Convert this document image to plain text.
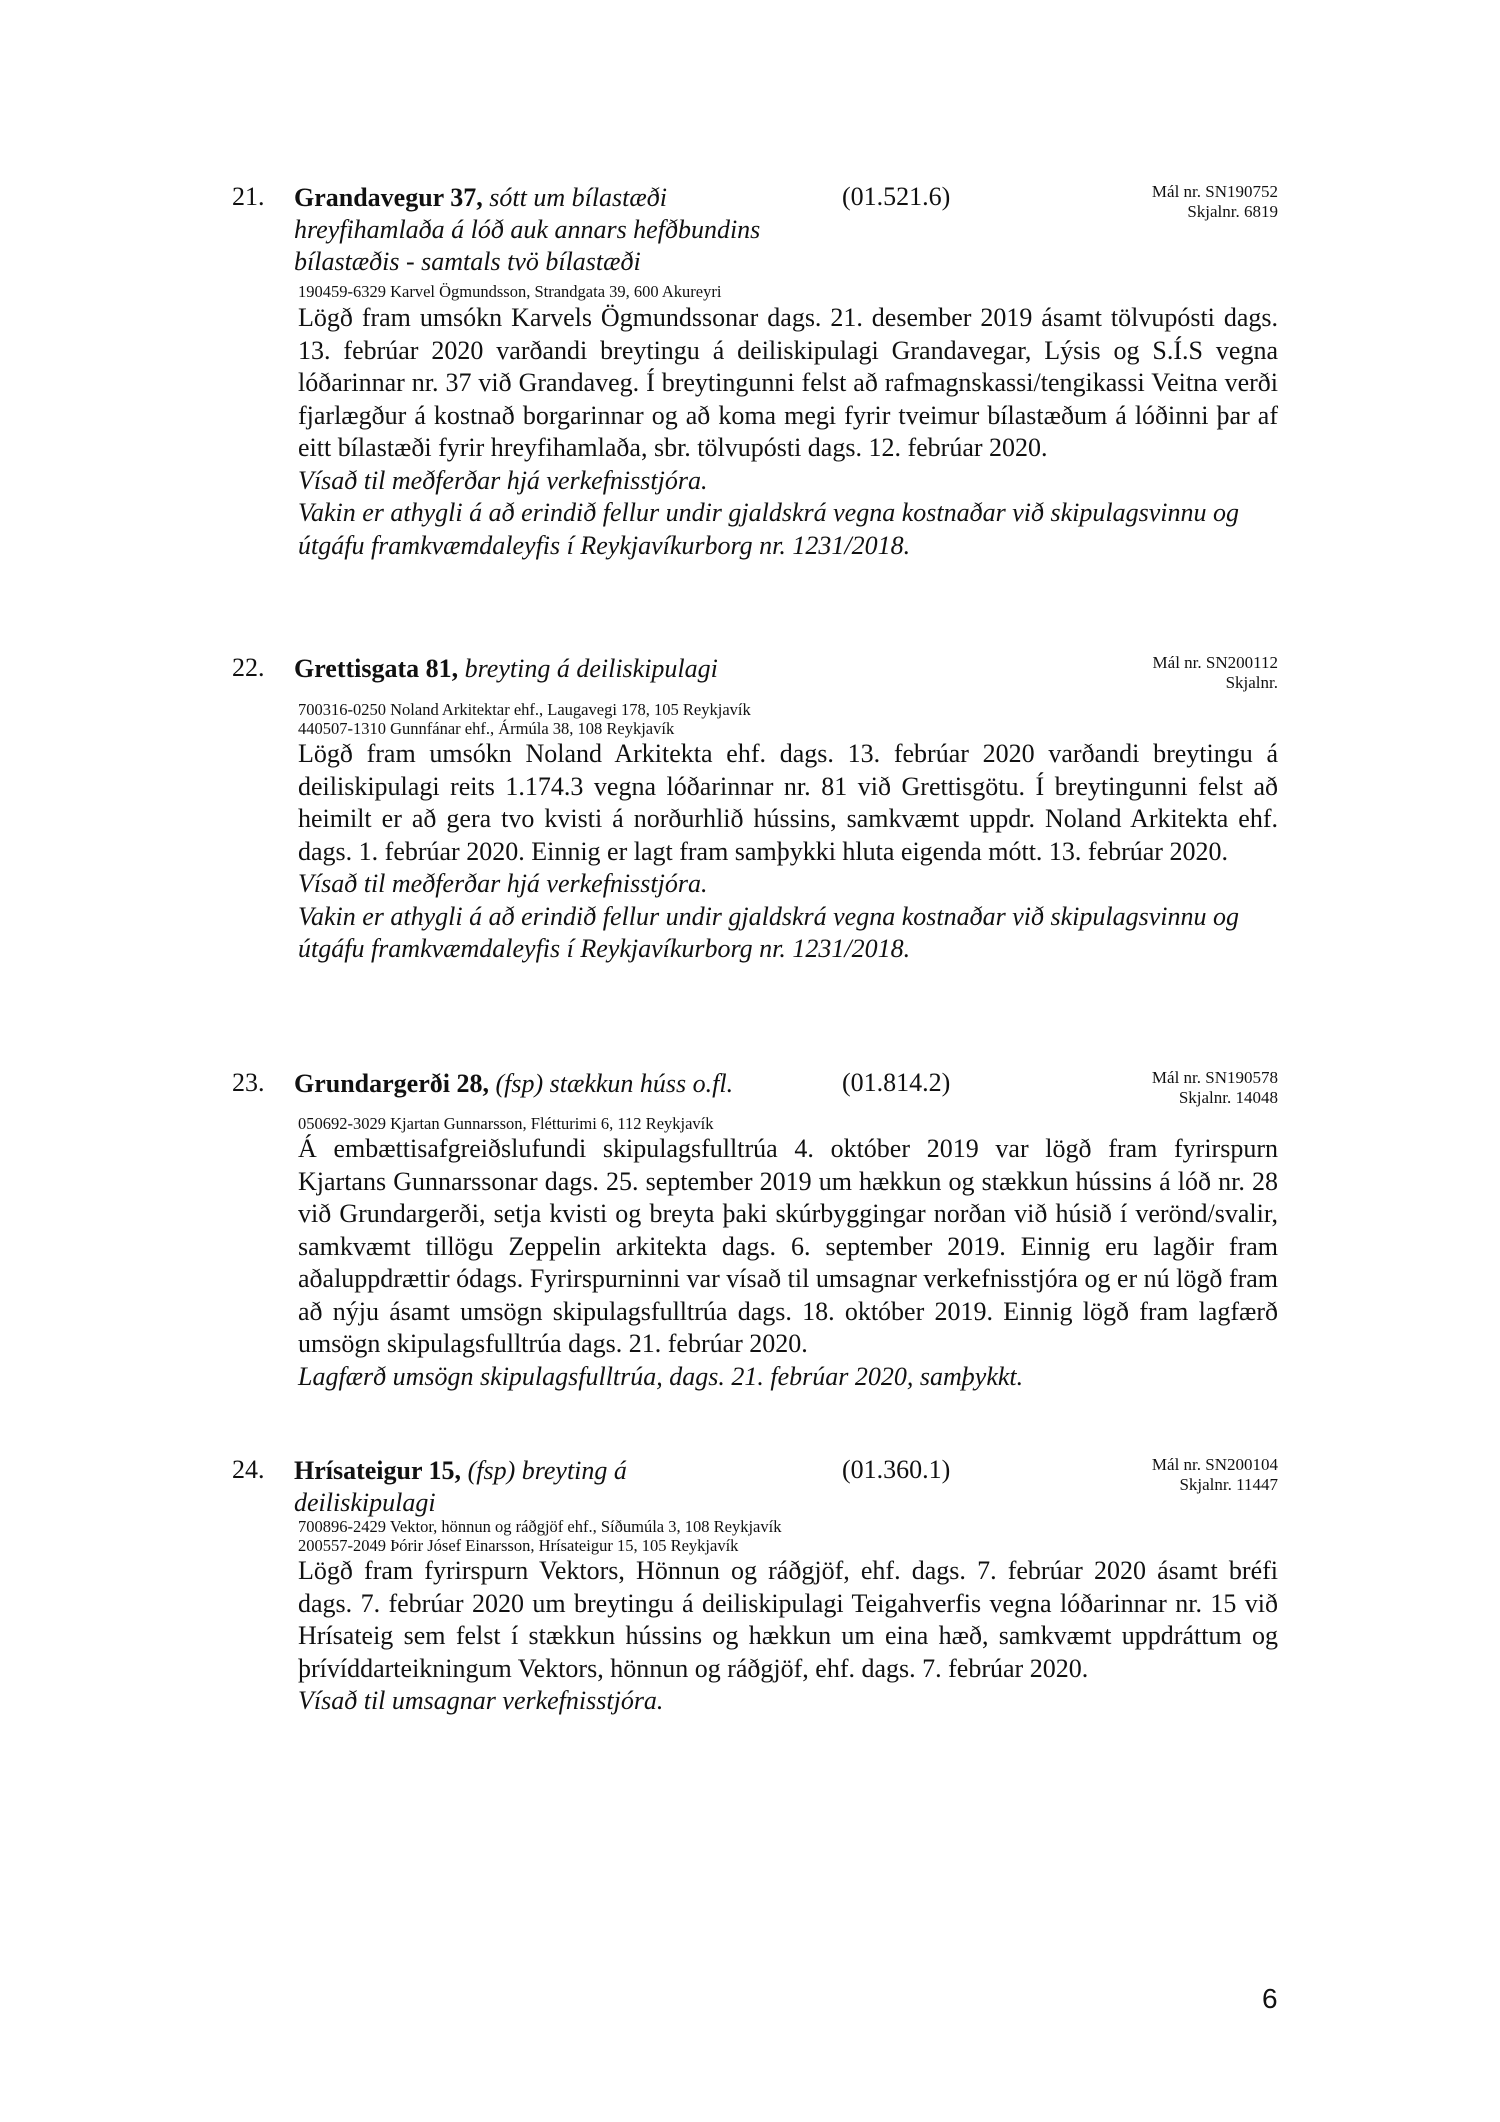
21. Grandavegur 37, sótt um bílastæði
hreyfihamlaða á lóð auk annars hefðbundins
bílastæðis - samtals tvö bílastæði
(01.521.6)	Mál nr. SN190752
Skjalnr. 6819
190459-6329 Karvel Ögmundsson, Strandgata 39, 600 Akureyri

Lögð fram umsókn Karvels Ögmundssonar dags. 21. desember 2019 ásamt tölvupósti dags. 13. febrúar 2020 varðandi breytingu á deiliskipulagi Grandavegar, Lýsis og S.Í.S vegna lóðarinnar nr. 37 við Grandaveg. Í breytingunni felst að rafmagnskassi/tengikassi Veitna verði fjarlægður á kostnað borgarinnar og að koma megi fyrir tveimur bílastæðum á lóðinni þar af eitt bílastæði fyrir hreyfihamlaða, sbr. tölvupósti dags. 12. febrúar 2020.

Vísað til meðferðar hjá verkefnisstjóra.

Vakin er athygli á að erindið fellur undir gjaldskrá vegna kostnaðar við skipulagsvinnu og útgáfu framkvæmdaleyfis í Reykjavíkurborg nr. 1231/2018.

22. Grettisgata 81, breyting á deiliskipulagi	Mál nr. SN200112
Skjalnr.
700316-0250 Noland Arkitektar ehf., Laugavegi 178, 105 Reykjavík
440507-1310 Gunnfánar ehf., Ármúla 38, 108 Reykjavík

Lögð fram umsókn Noland Arkitekta ehf. dags. 13. febrúar 2020 varðandi breytingu á deiliskipulagi reits 1.174.3 vegna lóðarinnar nr. 81 við Grettisgötu. Í breytingunni felst að heimilt er að gera tvo kvisti á norðurhlið hússins, samkvæmt uppdr. Noland Arkitekta ehf. dags. 1. febrúar 2020. Einnig er lagt fram samþykki hluta eigenda mótt. 13. febrúar 2020.

Vísað til meðferðar hjá verkefnisstjóra.

Vakin er athygli á að erindið fellur undir gjaldskrá vegna kostnaðar við skipulagsvinnu og útgáfu framkvæmdaleyfis í Reykjavíkurborg nr. 1231/2018.

23. Grundargerði 28, (fsp) stækkun húss o.fl.	(01.814.2)	Mál nr. SN190578
Skjalnr. 14048
050692-3029 Kjartan Gunnarsson, Flétturimi 6, 112 Reykjavík

Á embættisafgreiðslufundi skipulagsfulltrúa 4. október 2019 var lögð fram fyrirspurn Kjartans Gunnarssonar dags. 25. september 2019 um hækkun og stækkun hússins á lóð nr. 28 við Grundargerði, setja kvisti og breyta þaki skúrbyggingar norðan við húsið í verönd/svalir, samkvæmt tillögu Zeppelin arkitekta dags. 6. september 2019. Einnig eru lagðir fram aðaluppdrættir ódags. Fyrirspurninni var vísað til umsagnar verkefnisstjóra og er nú lögð fram að nýju ásamt umsögn skipulagsfulltrúa dags. 18. október 2019. Einnig lögð fram lagfærð umsögn skipulagsfulltrúa dags. 21. febrúar 2020.

Lagfærð umsögn skipulagsfulltrúa, dags. 21. febrúar 2020, samþykkt.

24. Hrísateigur 15, (fsp) breyting á
deiliskipulagi
(01.360.1)	Mál nr. SN200104
Skjalnr. 11447
700896-2429 Vektor, hönnun og ráðgjöf ehf., Síðumúla 3, 108 Reykjavík
200557-2049 Þórir Jósef Einarsson, Hrísateigur 15, 105 Reykjavík

Lögð fram fyrirspurn Vektors, Hönnun og ráðgjöf, ehf. dags. 7. febrúar 2020 ásamt bréfi dags. 7. febrúar 2020 um breytingu á deiliskipulagi Teigahverfis vegna lóðarinnar nr. 15 við Hrísateig sem felst í stækkun hússins og hækkun um eina hæð, samkvæmt uppdráttum og þrívíddarteikningum Vektors, hönnun og ráðgjöf, ehf. dags. 7. febrúar 2020.

Vísað til umsagnar verkefnisstjóra.

6
